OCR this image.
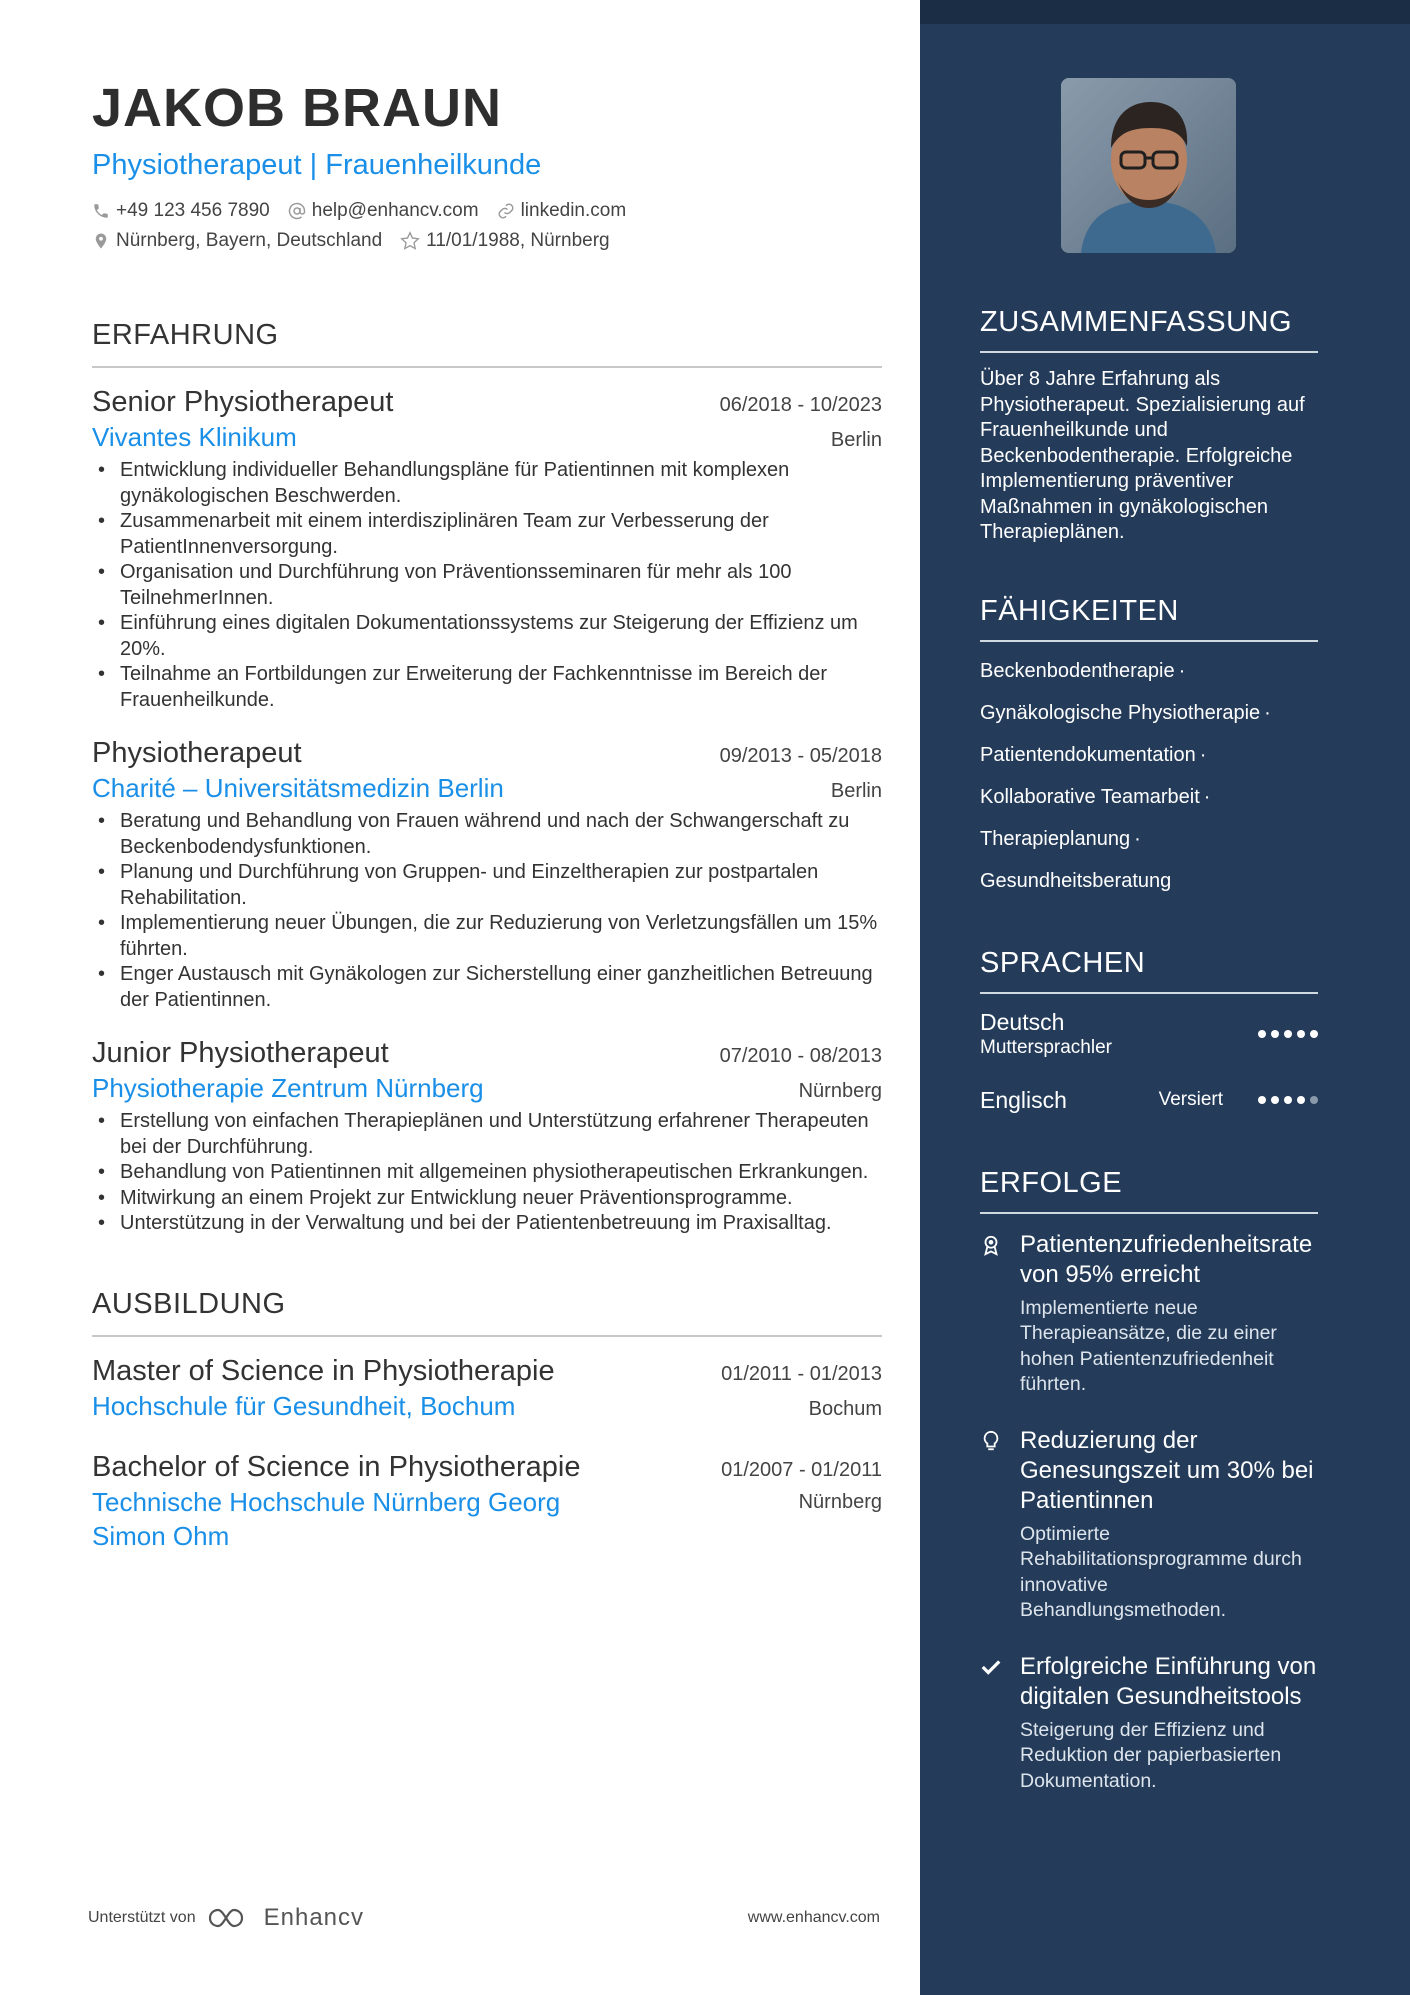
JAKOB BRAUN
Physiotherapeut | Frauenheilkunde
+49 123 456 7890 help@enhancv.com linkedin.com
Nürnberg, Bayern, Deutschland 11/01/1988, Nürnberg
ERFAHRUNG
Senior Physiotherapeut	06/2018 - 10/2023
Vivantes Klinikum	Berlin
• Entwicklung individueller Behandlungspläne für Patientinnen mit komplexen gynäkologischen Beschwerden.
• Zusammenarbeit mit einem interdisziplinären Team zur Verbesserung der PatientInnenversorgung.
• Organisation und Durchführung von Präventionsseminaren für mehr als 100 TeilnehmerInnen.
• Einführung eines digitalen Dokumentationssystems zur Steigerung der Effizienz um 20%.
• Teilnahme an Fortbildungen zur Erweiterung der Fachkenntnisse im Bereich der Frauenheilkunde.
Physiotherapeut	09/2013 - 05/2018
Charité – Universitätsmedizin Berlin	Berlin
• Beratung und Behandlung von Frauen während und nach der Schwangerschaft zu Beckenbodendysfunktionen.
• Planung und Durchführung von Gruppen- und Einzeltherapien zur postpartalen Rehabilitation.
• Implementierung neuer Übungen, die zur Reduzierung von Verletzungsfällen um 15% führten.
• Enger Austausch mit Gynäkologen zur Sicherstellung einer ganzheitlichen Betreuung der Patientinnen.
Junior Physiotherapeut	07/2010 - 08/2013
Physiotherapie Zentrum Nürnberg	Nürnberg
• Erstellung von einfachen Therapieplänen und Unterstützung erfahrener Therapeuten bei der Durchführung.
• Behandlung von Patientinnen mit allgemeinen physiotherapeutischen Erkrankungen.
• Mitwirkung an einem Projekt zur Entwicklung neuer Präventionsprogramme.
• Unterstützung in der Verwaltung und bei der Patientenbetreuung im Praxisalltag.
AUSBILDUNG
Master of Science in Physiotherapie	01/2011 - 01/2013
Hochschule für Gesundheit, Bochum	Bochum
Bachelor of Science in Physiotherapie	01/2007 - 01/2011
Technische Hochschule Nürnberg Georg Simon Ohm
Nürnberg
Unterstützt von	Enhancv	www.enhancv.com
ZUSAMMENFASSUNG
Über 8 Jahre Erfahrung als Physiotherapeut. Spezialisierung auf Frauenheilkunde und Beckenbodentherapie. Erfolgreiche Implementierung präventiver Maßnahmen in gynäkologischen Therapieplänen.
FÄHIGKEITEN
Beckenbodentherapie ·
Gynäkologische Physiotherapie ·
Patientendokumentation ·
Kollaborative Teamarbeit ·
Therapieplanung ·
Gesundheitsberatung
SPRACHEN
Deutsch
Muttersprachler
Englisch	Versiert
ERFOLGE
Patientenzufriedenheitsrate von 95% erreicht
Implementierte neue Therapieansätze, die zu einer hohen Patientenzufriedenheit führten.
Reduzierung der Genesungszeit um 30% bei Patientinnen
Optimierte Rehabilitationsprogramme durch innovative Behandlungsmethoden.
Erfolgreiche Einführung von digitalen Gesundheitstools
Steigerung der Effizienz und Reduktion der papierbasierten Dokumentation.
